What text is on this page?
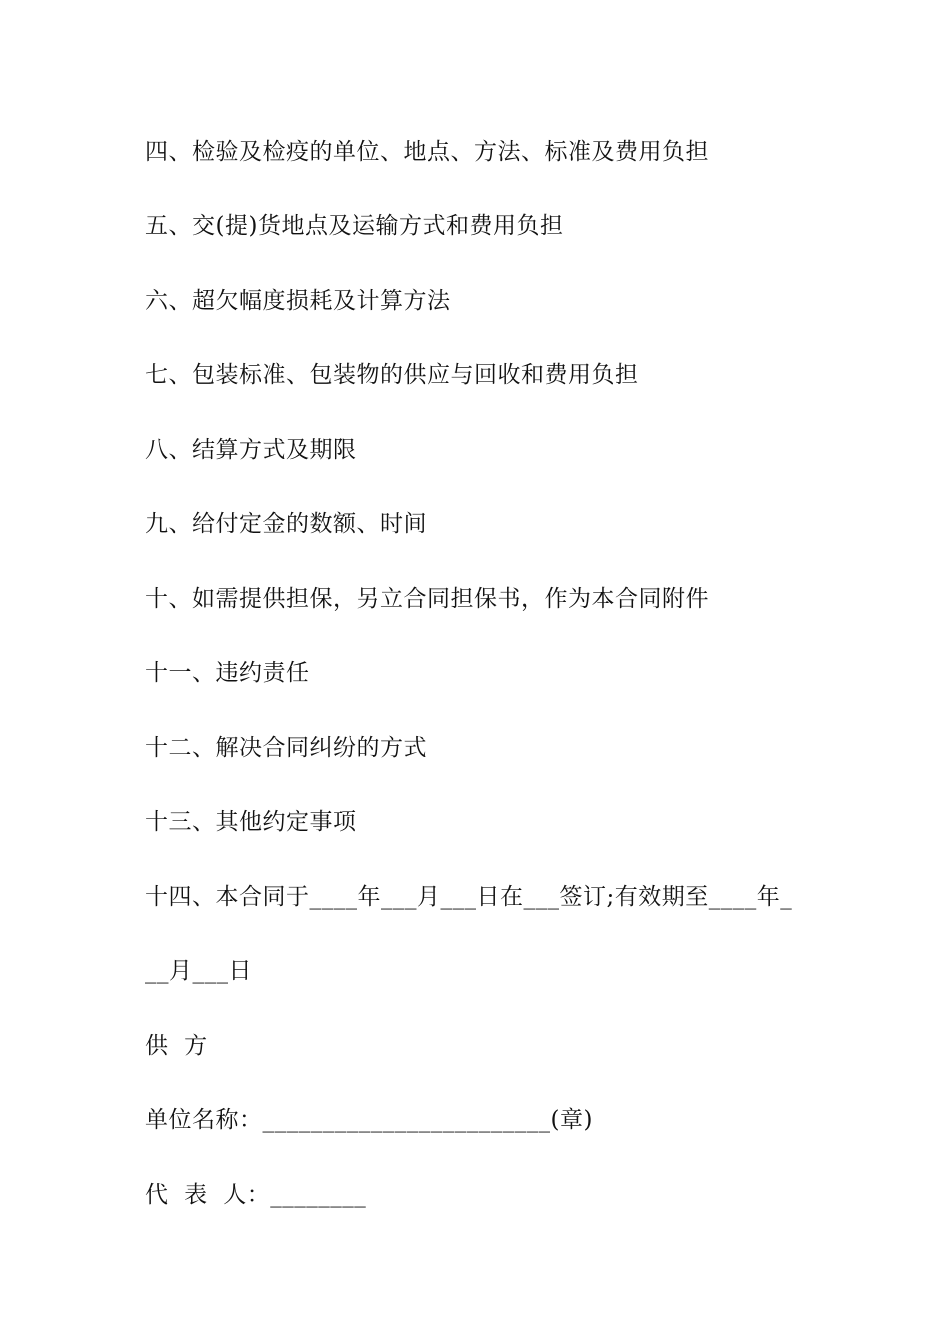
四、检验及检疫的单位、地点、方法、标准及费用负担
五、交(提)货地点及运输方式和费用负担
六、超欠幅度损耗及计算方法
七、包装标准、包装物的供应与回收和费用负担
八、结算方式及期限
九、给付定金的数额、时间
十、如需提供担保，另立合同担保书，作为本合同附件
十一、违约责任
十二、解决合同纠纷的方式
十三、其他约定事项
十四、本合同于____年___月___日在___签订;有效期至____年_
__月___日
供  方
单位名称：________________________(章)
代  表  人：________
